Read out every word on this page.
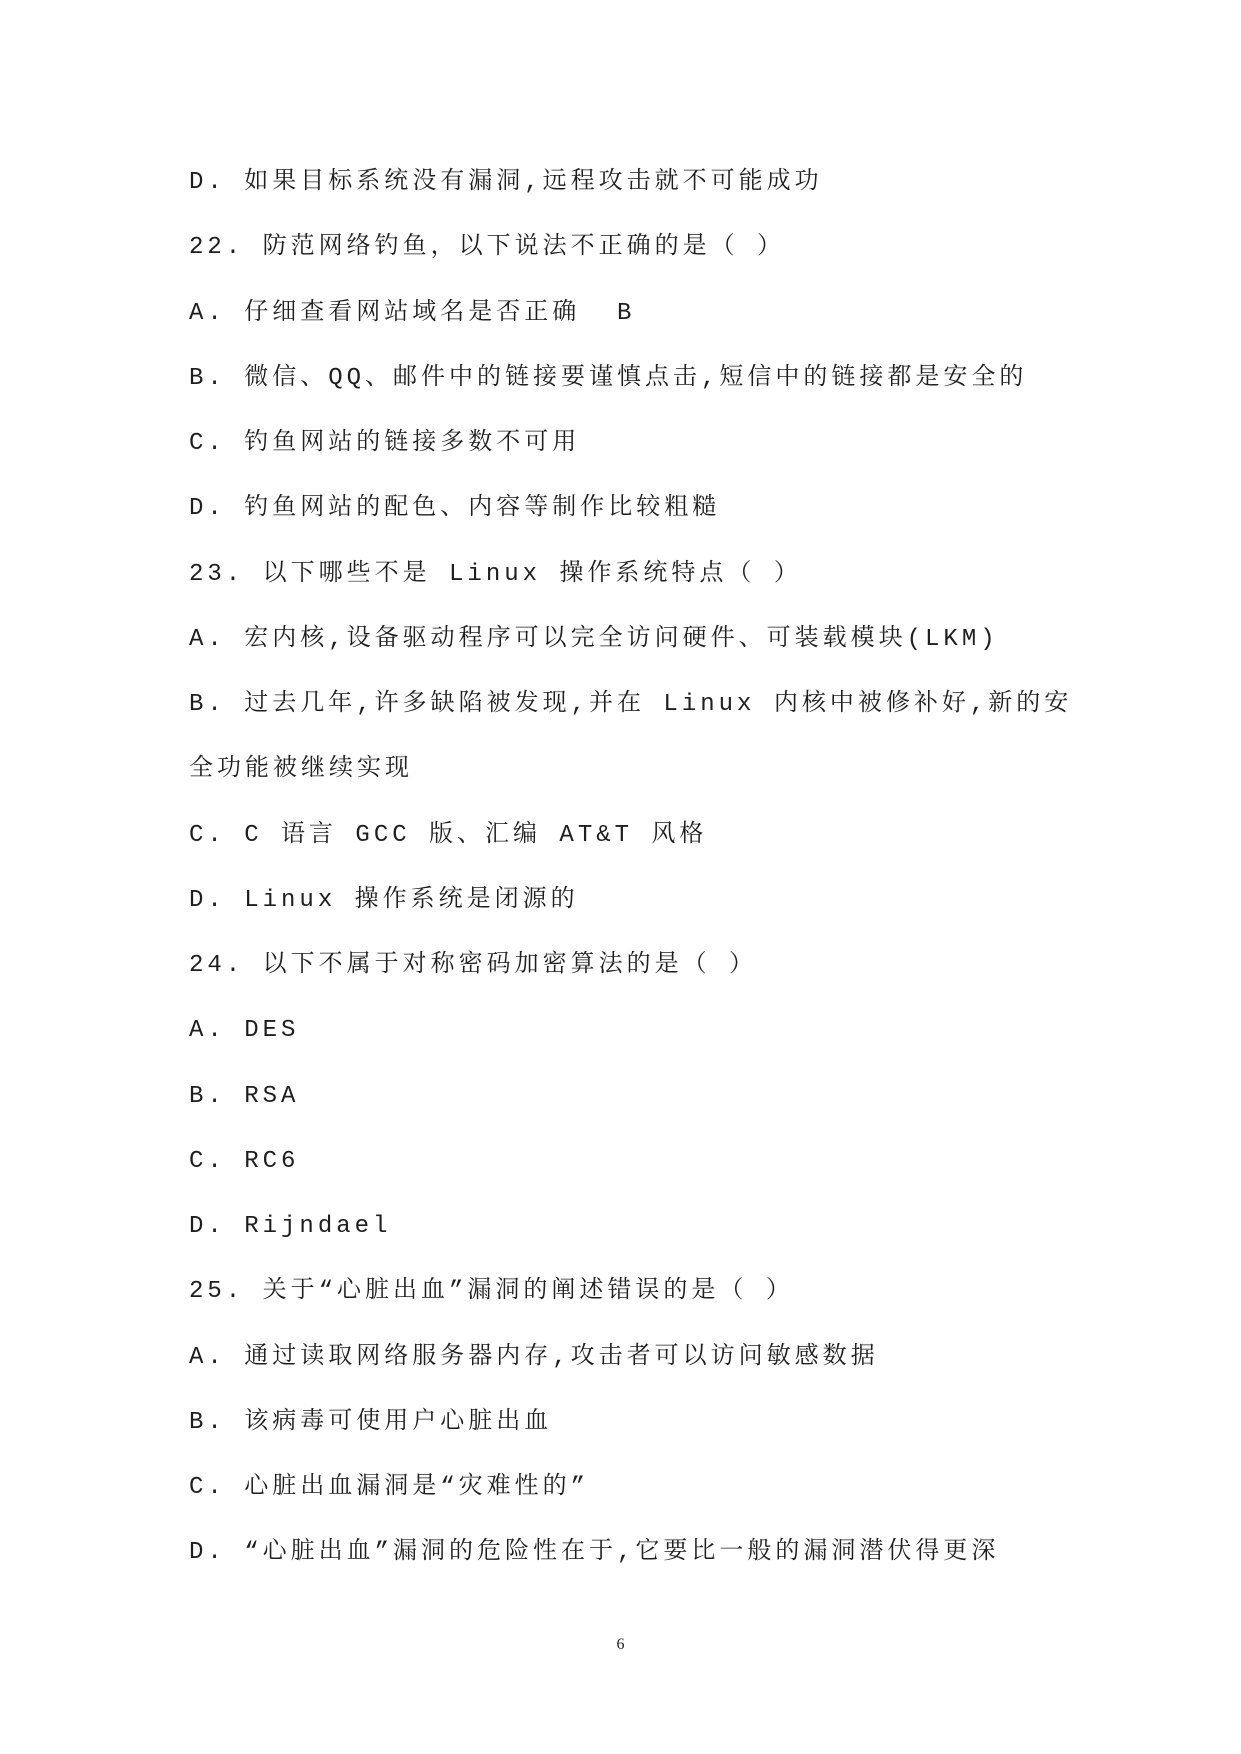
D. 如果目标系统没有漏洞,远程攻击就不可能成功
22. 防范网络钓鱼，以下说法不正确的是（ ）
A. 仔细查看网站域名是否正确  B
B. 微信、QQ、邮件中的链接要谨慎点击,短信中的链接都是安全的
C. 钓鱼网站的链接多数不可用
D. 钓鱼网站的配色、内容等制作比较粗糙
23. 以下哪些不是 Linux 操作系统特点（ ）
A. 宏内核,设备驱动程序可以完全访问硬件、可装载模块(LKM)
B. 过去几年,许多缺陷被发现,并在 Linux 内核中被修补好,新的安
全功能被继续实现
C. C 语言 GCC 版、汇编 AT&T 风格
D. Linux 操作系统是闭源的
24. 以下不属于对称密码加密算法的是（ ）
A. DES
B. RSA
C. RC6
D. Rijndael
25. 关于“心脏出血”漏洞的阐述错误的是（ ）
A. 通过读取网络服务器内存,攻击者可以访问敏感数据
B. 该病毒可使用户心脏出血
C. 心脏出血漏洞是“灾难性的”
D. “心脏出血”漏洞的危险性在于,它要比一般的漏洞潜伏得更深
6
